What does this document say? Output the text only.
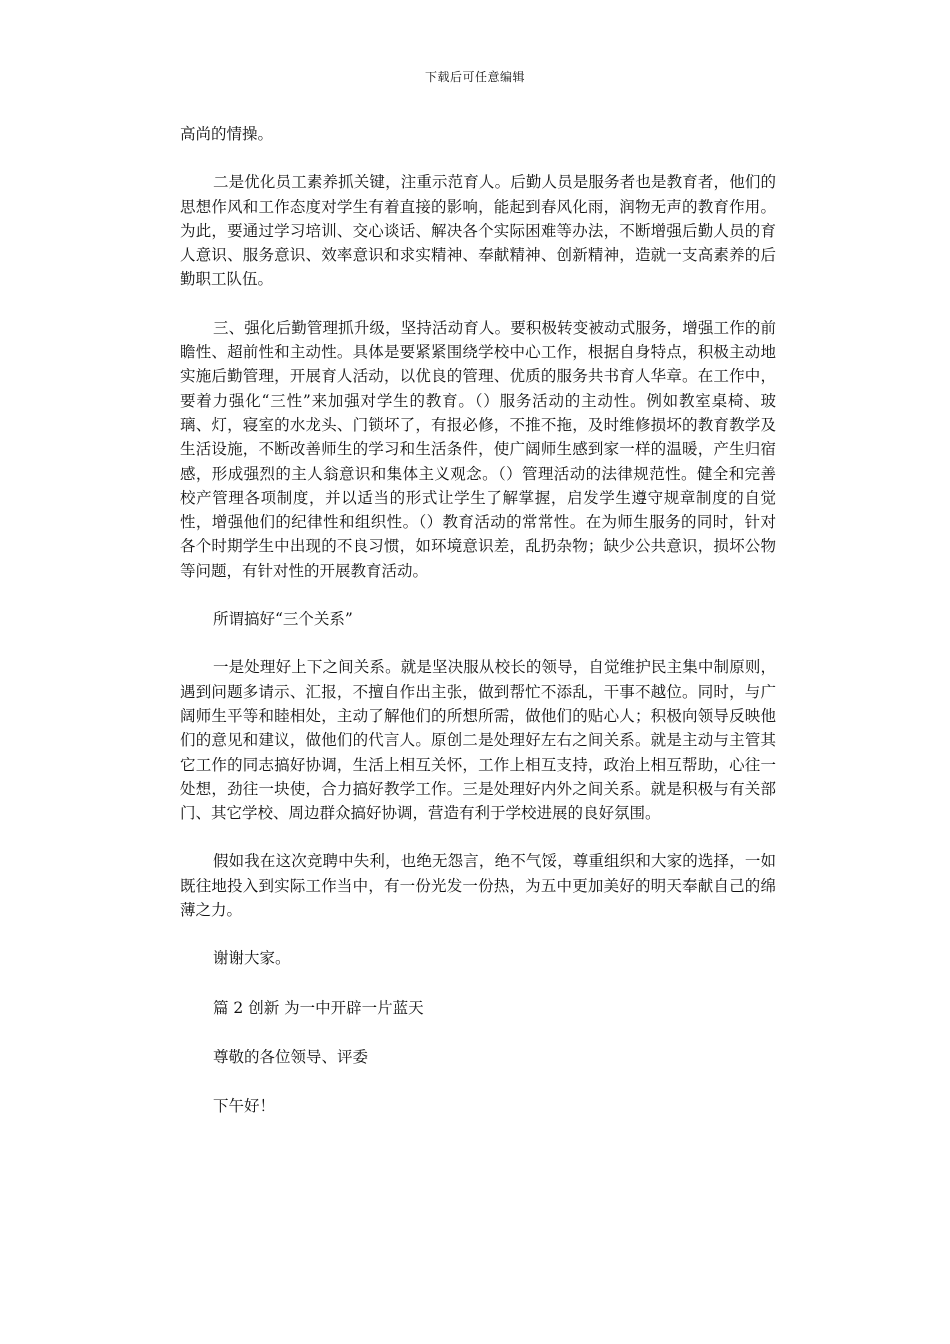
下载后可任意编辑

高尚的情操。

二是优化员工素养抓关键，注重示范育人。后勤人员是服务者也是教育者，他们的思想作风和工作态度对学生有着直接的影响，能起到春风化雨，润物无声的教育作用。为此，要通过学习培训、交心谈话、解决各个实际困难等办法，不断增强后勤人员的育人意识、服务意识、效率意识和求实精神、奉献精神、创新精神，造就一支高素养的后勤职工队伍。

三、强化后勤管理抓升级，坚持活动育人。要积极转变被动式服务，增强工作的前瞻性、超前性和主动性。具体是要紧紧围绕学校中心工作，根据自身特点，积极主动地实施后勤管理，开展育人活动，以优良的管理、优质的服务共书育人华章。在工作中，要着力强化“三性”来加强对学生的教育。（）服务活动的主动性。例如教室桌椅、玻璃、灯，寝室的水龙头、门锁坏了，有报必修，不推不拖，及时维修损坏的教育教学及生活设施，不断改善师生的学习和生活条件，使广阔师生感到家一样的温暖，产生归宿感，形成强烈的主人翁意识和集体主义观念。（）管理活动的法律规范性。健全和完善校产管理各项制度，并以适当的形式让学生了解掌握，启发学生遵守规章制度的自觉性，增强他们的纪律性和组织性。（）教育活动的常常性。在为师生服务的同时，针对各个时期学生中出现的不良习惯，如环境意识差，乱扔杂物；缺少公共意识，损坏公物等问题，有针对性的开展教育活动。

所谓搞好“三个关系”

一是处理好上下之间关系。就是坚决服从校长的领导，自觉维护民主集中制原则，遇到问题多请示、汇报，不擅自作出主张，做到帮忙不添乱，干事不越位。同时，与广阔师生平等和睦相处，主动了解他们的所想所需，做他们的贴心人；积极向领导反映他们的意见和建议，做他们的代言人。原创二是处理好左右之间关系。就是主动与主管其它工作的同志搞好协调，生活上相互关怀，工作上相互支持，政治上相互帮助，心往一处想，劲往一块使，合力搞好教学工作。三是处理好内外之间关系。就是积极与有关部门、其它学校、周边群众搞好协调，营造有利于学校进展的良好氛围。

假如我在这次竞聘中失利，也绝无怨言，绝不气馁，尊重组织和大家的选择，一如既往地投入到实际工作当中，有一份光发一份热，为五中更加美好的明天奉献自己的绵薄之力。

谢谢大家。

篇 2 创新 为一中开辟一片蓝天

尊敬的各位领导、评委

下午好！
